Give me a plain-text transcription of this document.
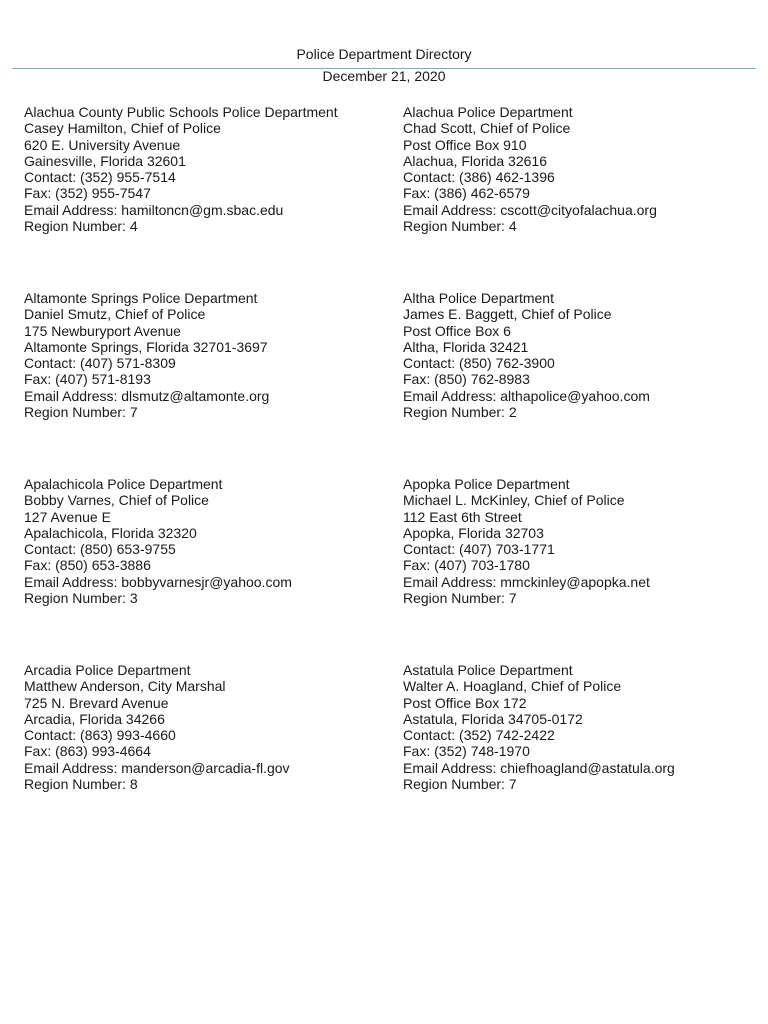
Police Department Directory
December 21, 2020
Alachua County Public Schools Police Department
Casey Hamilton, Chief of Police
620 E. University Avenue
Gainesville, Florida 32601
Contact: (352) 955-7514
Fax: (352) 955-7547
Email Address: hamiltoncn@gm.sbac.edu
Region Number: 4
Alachua Police Department
Chad Scott, Chief of Police
Post Office Box 910
Alachua, Florida 32616
Contact: (386) 462-1396
Fax: (386) 462-6579
Email Address: cscott@cityofalachua.org
Region Number: 4
Altamonte Springs Police Department
Daniel Smutz, Chief of Police
175 Newburyport Avenue
Altamonte Springs, Florida 32701-3697
Contact: (407) 571-8309
Fax: (407) 571-8193
Email Address: dlsmutz@altamonte.org
Region Number: 7
Altha Police Department
James E. Baggett, Chief of Police
Post Office Box 6
Altha, Florida 32421
Contact: (850) 762-3900
Fax: (850) 762-8983
Email Address: althapolice@yahoo.com
Region Number: 2
Apalachicola Police Department
Bobby Varnes, Chief of Police
127 Avenue E
Apalachicola, Florida 32320
Contact: (850) 653-9755
Fax: (850) 653-3886
Email Address: bobbyvarnesjr@yahoo.com
Region Number: 3
Apopka Police Department
Michael L. McKinley, Chief of Police
112 East 6th Street
Apopka, Florida 32703
Contact: (407) 703-1771
Fax: (407) 703-1780
Email Address: mmckinley@apopka.net
Region Number: 7
Arcadia Police Department
Matthew Anderson, City Marshal
725 N. Brevard Avenue
Arcadia, Florida 34266
Contact: (863) 993-4660
Fax: (863) 993-4664
Email Address: manderson@arcadia-fl.gov
Region Number: 8
Astatula Police Department
Walter A. Hoagland, Chief of Police
Post Office Box 172
Astatula, Florida 34705-0172
Contact: (352) 742-2422
Fax: (352) 748-1970
Email Address: chiefhoagland@astatula.org
Region Number: 7
